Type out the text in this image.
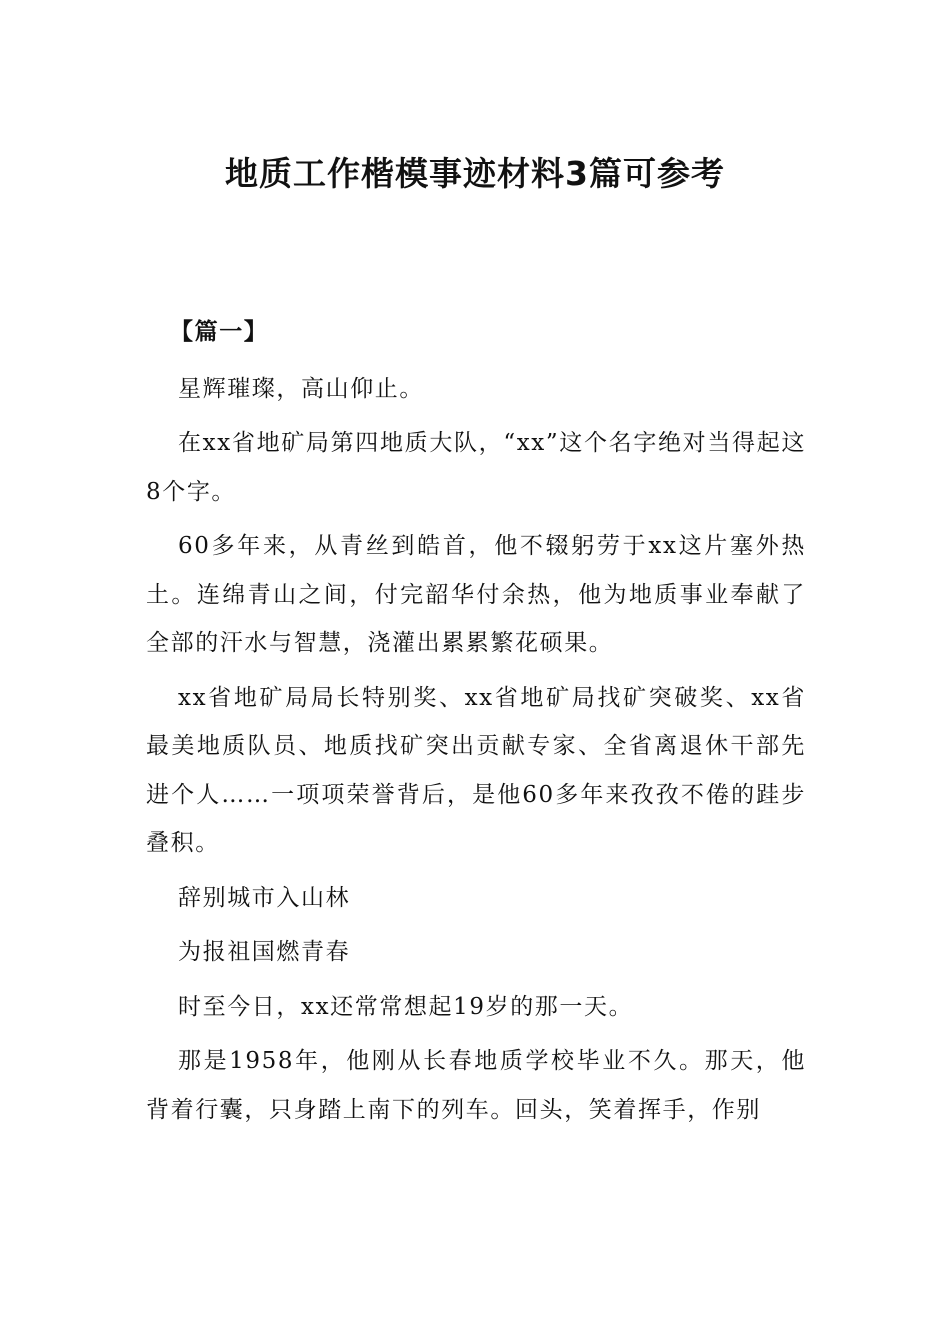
地质工作楷模事迹材料3篇可参考

【篇一】

星辉璀璨，高山仰止。

在xx省地矿局第四地质大队，“xx”这个名字绝对当得起这8个字。

60多年来，从青丝到皓首，他不辍躬劳于xx这片塞外热土。连绵青山之间，付完韶华付余热，他为地质事业奉献了全部的汗水与智慧，浇灌出累累繁花硕果。

xx省地矿局局长特别奖、xx省地矿局找矿突破奖、xx省最美地质队员、地质找矿突出贡献专家、全省离退休干部先进个人……一项项荣誉背后，是他60多年来孜孜不倦的跬步叠积。

辞别城市入山林

为报祖国燃青春

时至今日，xx还常常想起19岁的那一天。

那是1958年，他刚从长春地质学校毕业不久。那天，他背着行囊，只身踏上南下的列车。回头，笑着挥手，作别
